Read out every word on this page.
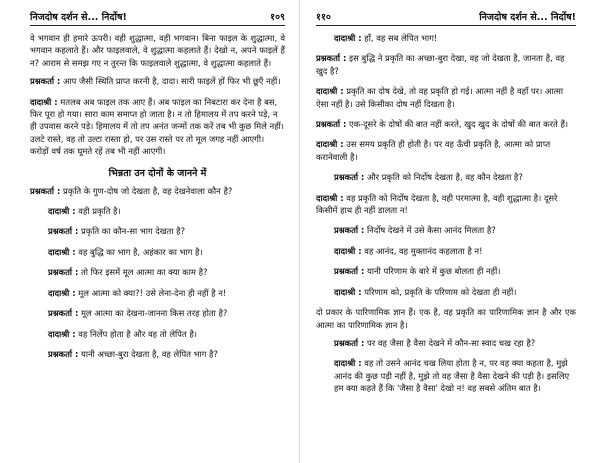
निजदोष दर्शन से... निर्दोष!	१०९
वे भगवान ही हमारे ऊपरी। वही शुद्धात्मा, वही भगवान। बिना फाइल के शुद्धात्मा, वे भगवान कहलाते हैं। और फाइलवाले, वे शुद्धात्मा कहलाते हैं। देखो न, अपने फाइलें हैं न? आराम से समझ गए न तुरन्त कि फाइलवाले शुद्धात्मा, वे शुद्धात्मा कहलाते हैं।
प्रश्नकर्ता : आप जैसी स्थिति प्राप्त करनी है, दादा। सारी फाइलें हों फिर भी छूएँ नहीं।
दादाश्री : मतलब अब फाइल तक आए हैं। अब फाइल का निबटारा कर देना है बस, फिर पूरा हो गया। सारा काम समाप्त हो जाता है। न तो हिमालय में तप करने पड़े, न ही उपवास करने पड़े। हिमालय में तो तप अनंत जन्मों तक करें तब भी कुछ मिले नहीं। उलटे रास्ते, वह तो उल्टा रास्ता हो, पर उस रास्ते पर तो मूल जगह नहीं आएगी। करोड़ों वर्ष तक घूमते रहें तब भी नहीं आएगी।
भिन्नता उन दोनों के जानने में
प्रश्नकर्ता : प्रकृति के गुण-दोष जो देखता है, वह देखनेवाला कौन है?
दादाश्री : वही प्रकृति है।
प्रश्नकर्ता : प्रकृति का कौन-सा भाग देखता है?
दादाश्री : वह बुद्धि का भाग है, अहंकार का भाग है।
प्रश्नकर्ता : तो फिर इसमें मूल आत्मा का क्या काम है?
दादाश्री : मूल आत्मा को क्या?! उसे लेना-देना ही नहीं है न!
प्रश्नकर्ता : मूल आत्मा का देखना-जानना किस तरह होता है?
दादाश्री : वह निर्लेप होता है और वह तो लेपित है।
प्रश्नकर्ता : यानी अच्छा-बुरा देखता है, वह लेपित भाग है?
११०	निजदोष दर्शन से... निर्दोष!
दादाश्री : हाँ, वह सब लेपित भाग!
प्रश्नकर्ता : इस बुद्धि ने प्रकृति का अच्छा-बुरा देखा, वह जो देखता है, जानता है, वह खुद है?
दादाश्री : प्रकृति का दोष देखे, तो वह प्रकृति हो गई। आत्मा नहीं है वहाँ पर। आत्मा ऐसा नहीं है। उसे किसीका दोष नहीं दिखता है।
प्रश्नकर्ता : एक-दूसरे के दोषों की बात नहीं करते, खुद खुद के दोषों की बात करते हैं।
दादाश्री : उस समय प्रकृति ही होती है। पर वह ऊँची प्रकृति है, आत्मा को प्राप्त करानेवाली है।
प्रश्नकर्ता : और प्रकृति को निर्दोष देखता है, वह कौन देखता है?
दादाश्री : वह प्रकृति को निर्दोष देखता है, वही परमात्मा है, वही शुद्धात्मा है। दूसरे किसीमें हाथ ही नहीं डालता न!
प्रश्नकर्ता : निर्दोष देखने में उसे कैसा आनंद मिलता है?
दादाश्री : वह आनंद, वह मुक्तानंद कहलाता है न!
प्रश्नकर्ता : यानी परिणाम के बारे में कुछ बोलता ही नहीं।
दादाश्री : परिणाम को, प्रकृति के परिणाम को देखता ही नहीं।
दो प्रकार के पारिणामिक ज्ञान हैं। एक है, वह प्रकृति का पारिणामिक ज्ञान है और एक आत्मा का पारिणामिक ज्ञान है।
प्रश्नकर्ता : पर वह जैसा है वैसा देखने में कौन-सा स्वाद चख रहा है?
दादाश्री : वह तो उसने आनंद चख लिया होता है न, पर वह क्या कहता है, मुझे आनंद की कुछ पड़ी नहीं है, मुझे तो वह जैसा है वैसा देखने की पड़ी है। इसलिए हम क्या कहते हैं कि 'जैसा है वैसा' देखो न! वह सबसे अंतिम बात है।
